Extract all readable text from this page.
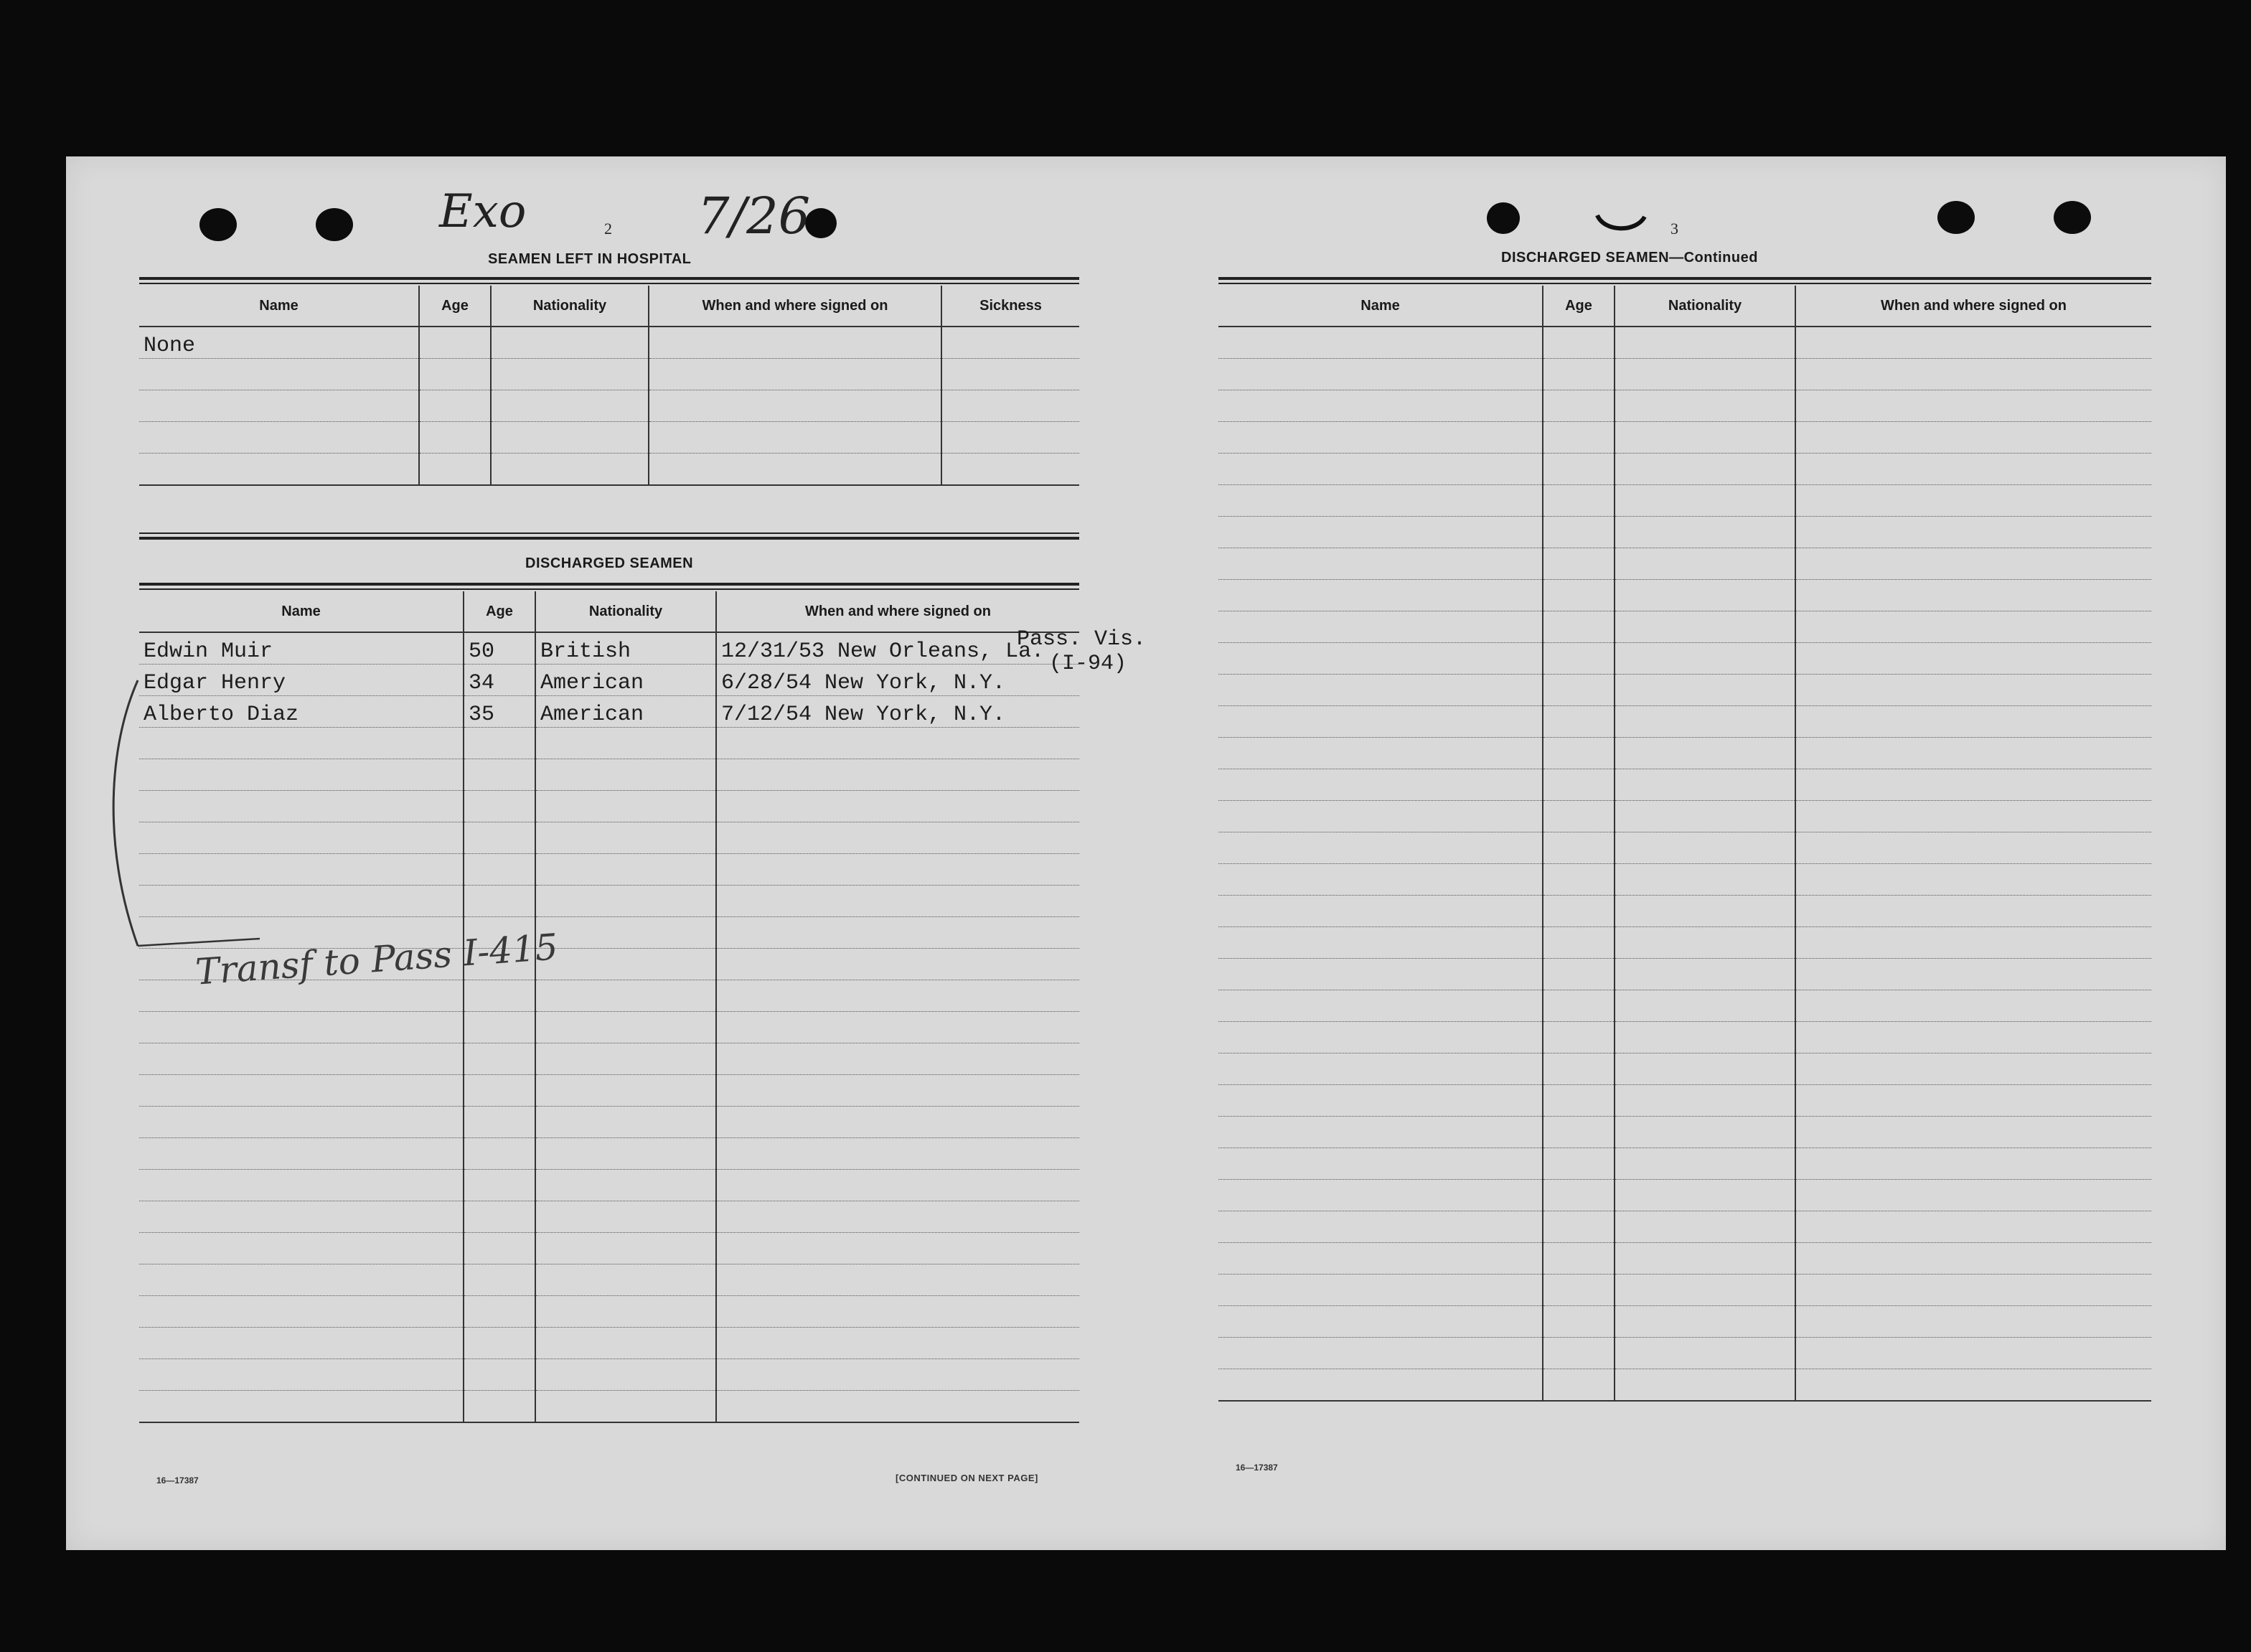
Exo	7/26
2
SEAMEN LEFT IN HOSPITAL
Name	Age	Nationality	When and where signed on	Sickness
None				

DISCHARGED SEAMEN
Name	Age	Nationality	When and where signed on
Edwin Muir	50	British	12/31/53 New Orleans, La.
Edgar Henry	34	American	6/28/54 New York, N.Y.
Alberto Diaz	35	American	7/12/54 New York, N.Y.

Pass. Vis.
(I-94)
Transf to Pass I-415
16—17387	[CONTINUED ON NEXT PAGE]
3
DISCHARGED SEAMEN—Continued
Name	Age	Nationality	When and where signed on

16—17387
